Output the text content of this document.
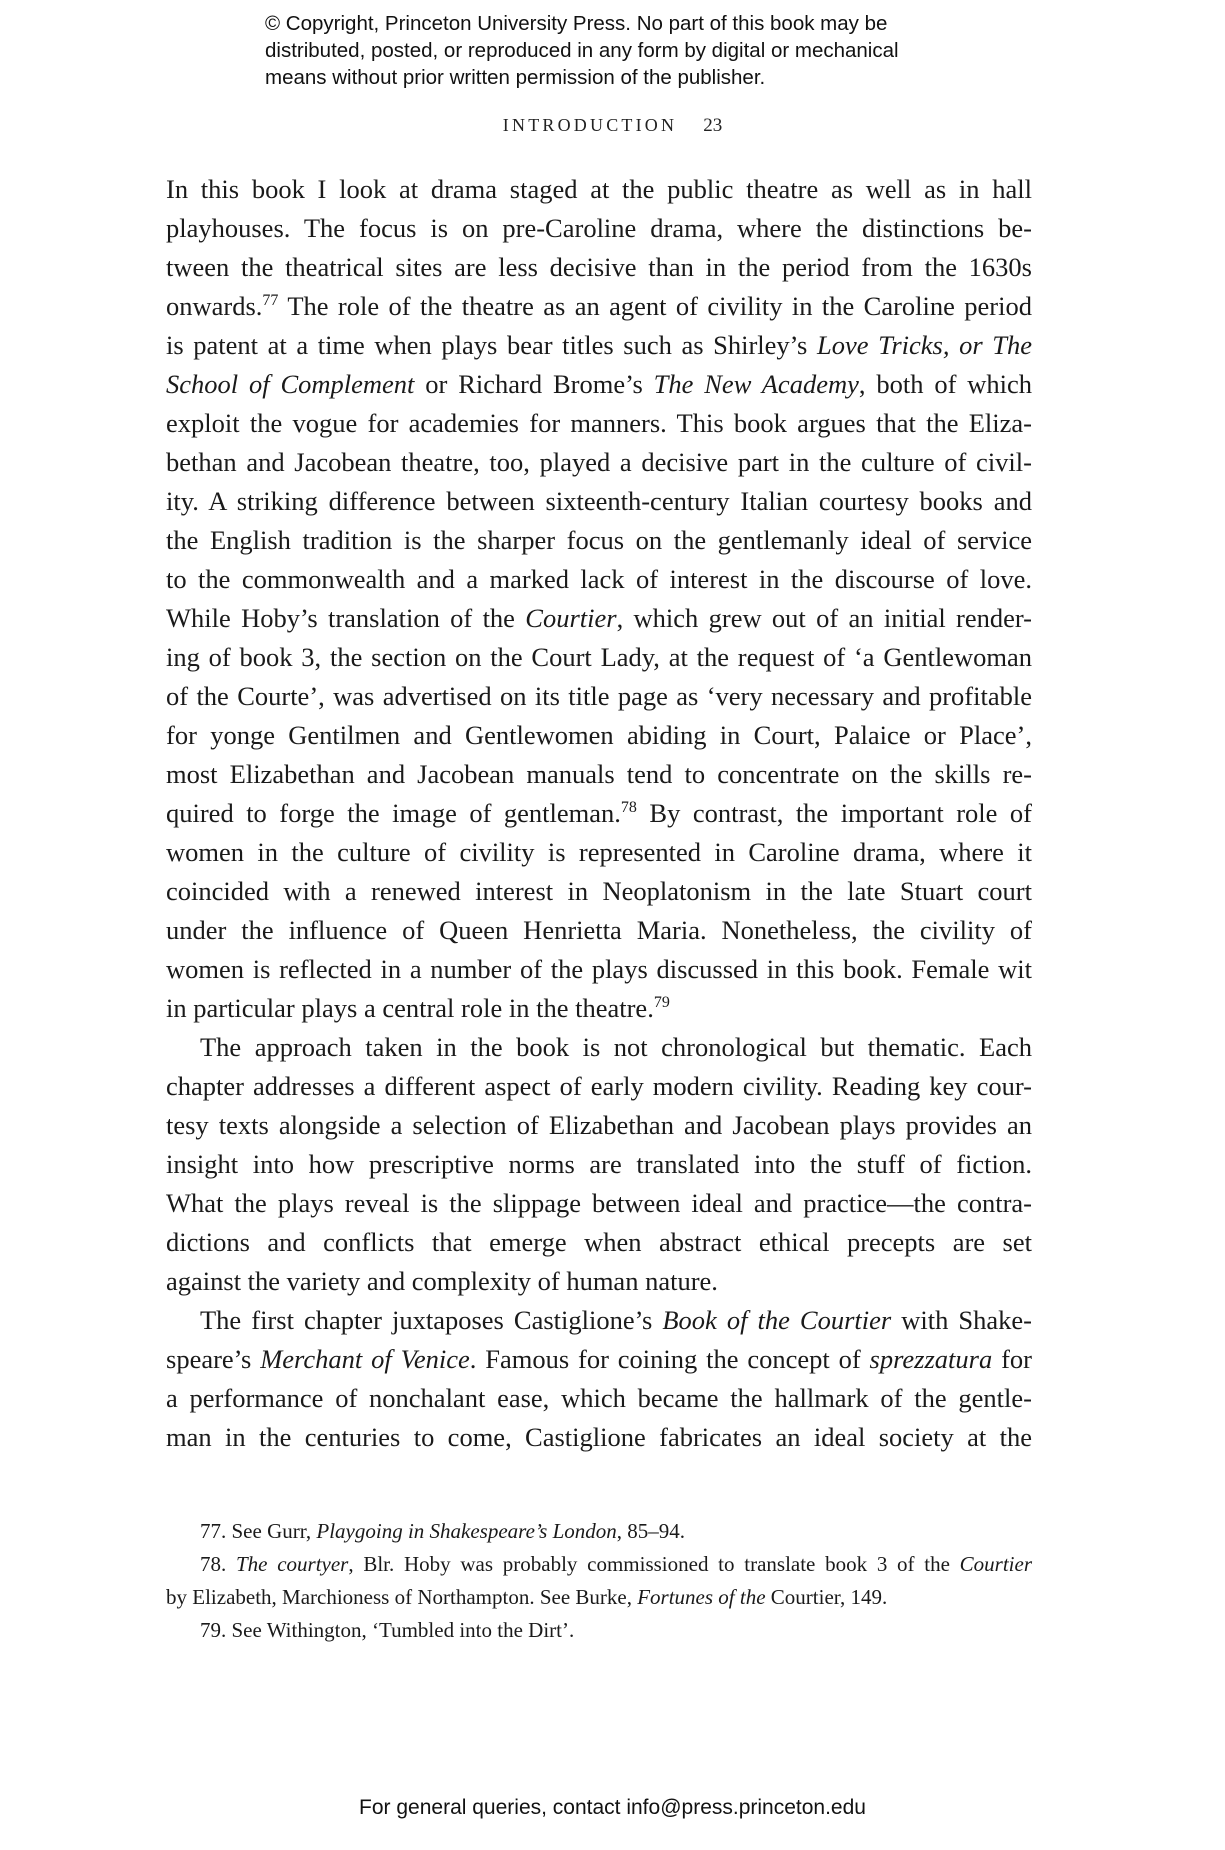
© Copyright, Princeton University Press. No part of this book may be
distributed, posted, or reproduced in any form by digital or mechanical
means without prior written permission of the publisher.
INTRODUCTION 23
In this book I look at drama staged at the public theatre as well as in hall
playhouses. The focus is on pre-Caroline drama, where the distinctions be-
tween the theatrical sites are less decisive than in the period from the 1630s
onwards.$^{77}$ The role of the theatre as an agent of civility in the Caroline period
is patent at a time when plays bear titles such as Shirley’s Love Tricks, or The
School of Complement or Richard Brome’s The New Academy, both of which
exploit the vogue for academies for manners. This book argues that the Eliza-
bethan and Jacobean theatre, too, played a decisive part in the culture of civil-
ity. A striking difference between sixteenth-century Italian courtesy books and
the English tradition is the sharper focus on the gentlemanly ideal of service
to the commonwealth and a marked lack of interest in the discourse of love.
While Hoby’s translation of the Courtier, which grew out of an initial render-
ing of book 3, the section on the Court Lady, at the request of ‘a Gentlewoman
of the Courte’, was advertised on its title page as ‘very necessary and profitable
for yonge Gentilmen and Gentlewomen abiding in Court, Palaice or Place’,
most Elizabethan and Jacobean manuals tend to concentrate on the skills re-
quired to forge the image of gentleman.$^{78}$ By contrast, the important role of
women in the culture of civility is represented in Caroline drama, where it
coincided with a renewed interest in Neoplatonism in the late Stuart court
under the influence of Queen Henrietta Maria. Nonetheless, the civility of
women is reflected in a number of the plays discussed in this book. Female wit
in particular plays a central role in the theatre.$^{79}$
The approach taken in the book is not chronological but thematic. Each
chapter addresses a different aspect of early modern civility. Reading key cour-
tesy texts alongside a selection of Elizabethan and Jacobean plays provides an
insight into how prescriptive norms are translated into the stuff of fiction.
What the plays reveal is the slippage between ideal and practice—the contra-
dictions and conflicts that emerge when abstract ethical precepts are set
against the variety and complexity of human nature.
The first chapter juxtaposes Castiglione’s Book of the Courtier with Shake-
speare’s Merchant of Venice. Famous for coining the concept of sprezzatura for
a performance of nonchalant ease, which became the hallmark of the gentle-
man in the centuries to come, Castiglione fabricates an ideal society at the
77. See Gurr, Playgoing in Shakespeare’s London, 85–94.
78. The courtyer, Blr. Hoby was probably commissioned to translate book 3 of the Courtier
by Elizabeth, Marchioness of Northampton. See Burke, Fortunes of the Courtier, 149.
79. See Withington, ‘Tumbled into the Dirt’.
For general queries, contact info@press.princeton.edu
